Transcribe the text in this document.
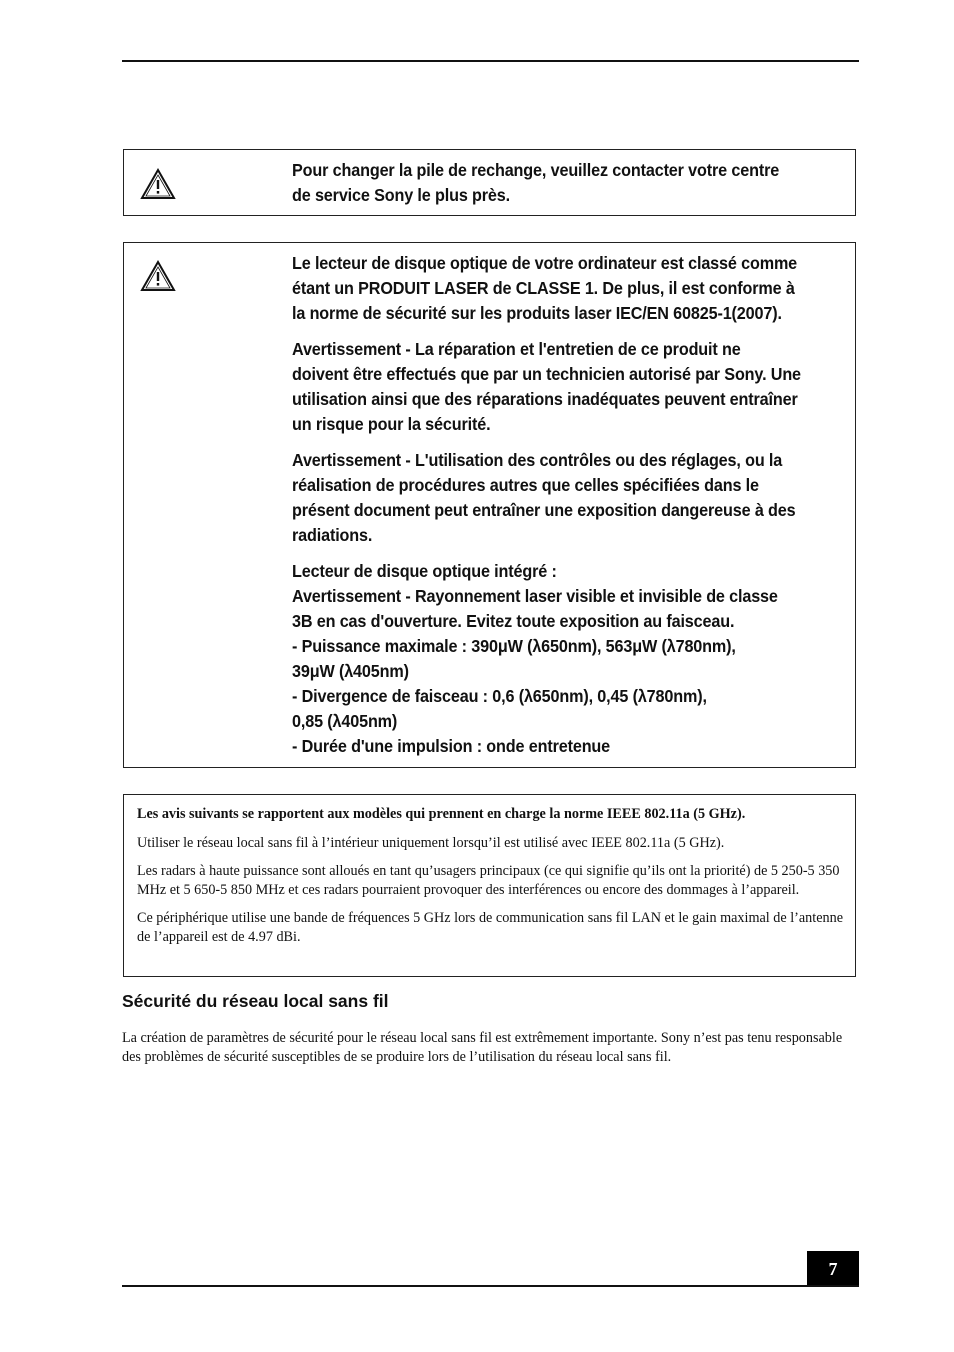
Pour changer la pile de rechange, veuillez contacter votre centre
de service Sony le plus près.

Le lecteur de disque optique de votre ordinateur est classé comme
étant un PRODUIT LASER de CLASSE 1. De plus, il est conforme à
la norme de sécurité sur les produits laser IEC/EN 60825-1(2007).

Avertissement - La réparation et l'entretien de ce produit ne
doivent être effectués que par un technicien autorisé par Sony. Une
utilisation ainsi que des réparations inadéquates peuvent entraîner
un risque pour la sécurité.

Avertissement - L'utilisation des contrôles ou des réglages, ou la
réalisation de procédures autres que celles spécifiées dans le
présent document peut entraîner une exposition dangereuse à des
radiations.

Lecteur de disque optique intégré :
Avertissement - Rayonnement laser visible et invisible de classe
3B en cas d'ouverture. Evitez toute exposition au faisceau.
- Puissance maximale : 390μW (λ650nm), 563μW (λ780nm),
39μW (λ405nm)
- Divergence de faisceau : 0,6 (λ650nm), 0,45 (λ780nm),
0,85 (λ405nm)
- Durée d'une impulsion : onde entretenue

Les avis suivants se rapportent aux modèles qui prennent en charge la norme IEEE 802.11a (5 GHz).

Utiliser le réseau local sans fil à l’intérieur uniquement lorsqu’il est utilisé avec IEEE 802.11a (5 GHz).

Les radars à haute puissance sont alloués en tant qu’usagers principaux (ce qui signifie qu’ils ont la priorité) de 5 250-5 350 MHz et 5 650-5 850 MHz et ces radars pourraient provoquer des interférences ou encore des dommages à l’appareil.

Ce périphérique utilise une bande de fréquences 5 GHz lors de communication sans fil LAN et le gain maximal de l’antenne de l’appareil est de 4.97 dBi.

Sécurité du réseau local sans fil
La création de paramètres de sécurité pour le réseau local sans fil est extrêmement importante. Sony n’est pas tenu responsable des problèmes de sécurité susceptibles de se produire lors de l’utilisation du réseau local sans fil.
7
